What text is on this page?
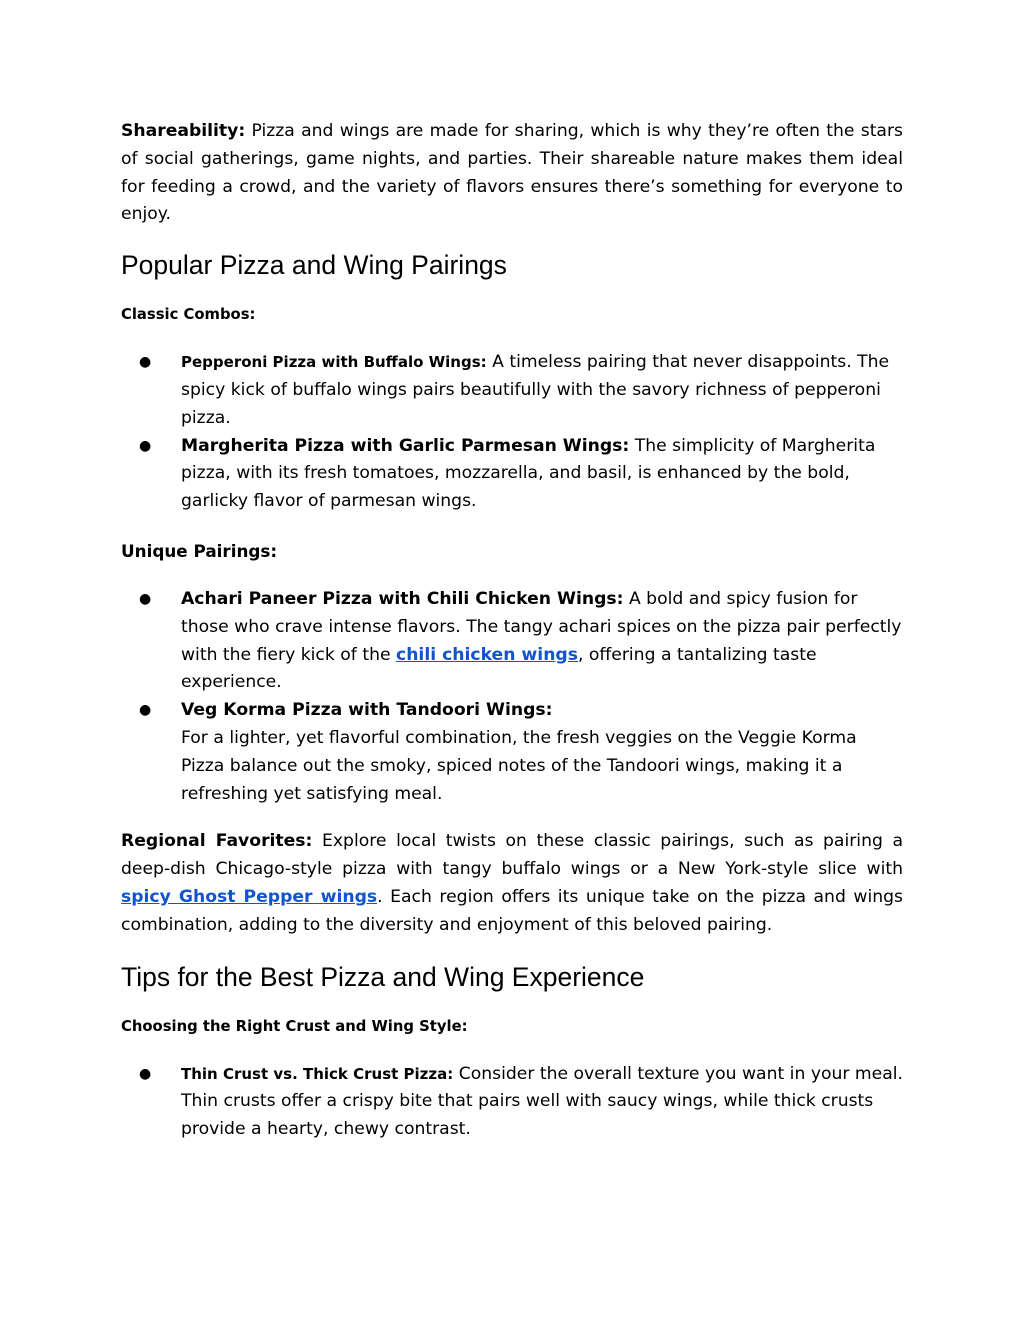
Shareability: Pizza and wings are made for sharing, which is why they’re often the stars of social gatherings, game nights, and parties. Their shareable nature makes them ideal for feeding a crowd, and the variety of flavors ensures there’s something for everyone to enjoy.

Popular Pizza and Wing Pairings
Classic Combos:
● Pepperoni Pizza with Buffalo Wings: A timeless pairing that never disappoints. The spicy kick of buffalo wings pairs beautifully with the savory richness of pepperoni pizza.
● Margherita Pizza with Garlic Parmesan Wings: The simplicity of Margherita pizza, with its fresh tomatoes, mozzarella, and basil, is enhanced by the bold, garlicky flavor of parmesan wings.
Unique Pairings:
● Achari Paneer Pizza with Chili Chicken Wings: A bold and spicy fusion for those who crave intense flavors. The tangy achari spices on the pizza pair perfectly with the fiery kick of the chili chicken wings, offering a tantalizing taste experience.
● Veg Korma Pizza with Tandoori Wings:
For a lighter, yet flavorful combination, the fresh veggies on the Veggie Korma Pizza balance out the smoky, spiced notes of the Tandoori wings, making it a refreshing yet satisfying meal.

Regional Favorites: Explore local twists on these classic pairings, such as pairing a deep-dish Chicago-style pizza with tangy buffalo wings or a New York-style slice with spicy Ghost Pepper wings. Each region offers its unique take on the pizza and wings combination, adding to the diversity and enjoyment of this beloved pairing.

Tips for the Best Pizza and Wing Experience
Choosing the Right Crust and Wing Style:
● Thin Crust vs. Thick Crust Pizza: Consider the overall texture you want in your meal. Thin crusts offer a crispy bite that pairs well with saucy wings, while thick crusts provide a hearty, chewy contrast.
